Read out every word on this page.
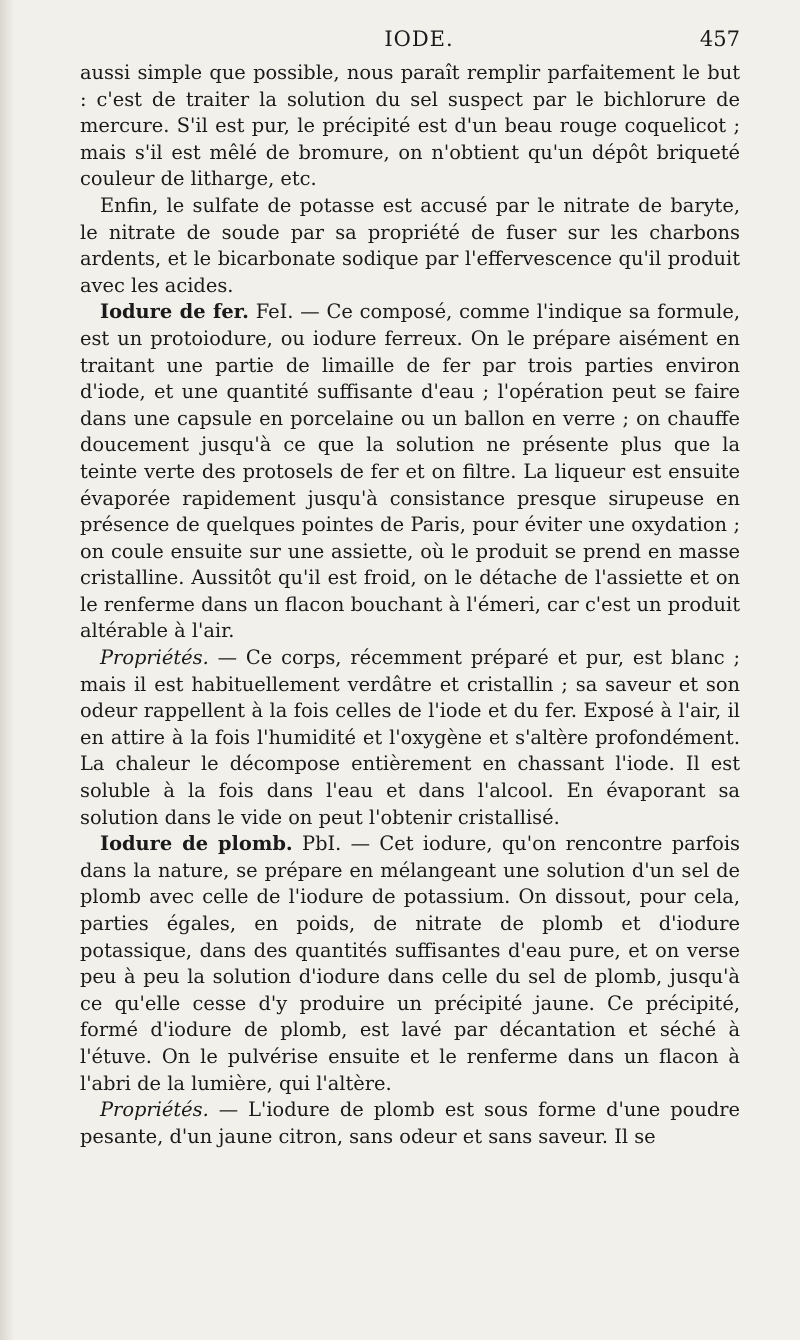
IODE.	457

aussi simple que possible, nous paraît remplir parfaitement le but : c'est de traiter la solution du sel suspect par le bichlorure de mercure. S'il est pur, le précipité est d'un beau rouge coquelicot ; mais s'il est mêlé de bromure, on n'obtient qu'un dépôt briqueté couleur de litharge, etc.

Enfin, le sulfate de potasse est accusé par le nitrate de baryte, le nitrate de soude par sa propriété de fuser sur les charbons ardents, et le bicarbonate sodique par l'effervescence qu'il produit avec les acides.

Iodure de fer. FeI. — Ce composé, comme l'indique sa formule, est un protoiodure, ou iodure ferreux. On le prépare aisément en traitant une partie de limaille de fer par trois parties environ d'iode, et une quantité suffisante d'eau ; l'opération peut se faire dans une capsule en porcelaine ou un ballon en verre ; on chauffe doucement jusqu'à ce que la solution ne présente plus que la teinte verte des protosels de fer et on filtre. La liqueur est ensuite évaporée rapidement jusqu'à consistance presque sirupeuse en présence de quelques pointes de Paris, pour éviter une oxydation ; on coule ensuite sur une assiette, où le produit se prend en masse cristalline. Aussitôt qu'il est froid, on le détache de l'assiette et on le renferme dans un flacon bouchant à l'émeri, car c'est un produit altérable à l'air.

Propriétés. — Ce corps, récemment préparé et pur, est blanc ; mais il est habituellement verdâtre et cristallin ; sa saveur et son odeur rappellent à la fois celles de l'iode et du fer. Exposé à l'air, il en attire à la fois l'humidité et l'oxygène et s'altère profondément. La chaleur le décompose entièrement en chassant l'iode. Il est soluble à la fois dans l'eau et dans l'alcool. En évaporant sa solution dans le vide on peut l'obtenir cristallisé.

Iodure de plomb. PbI. — Cet iodure, qu'on rencontre parfois dans la nature, se prépare en mélangeant une solution d'un sel de plomb avec celle de l'iodure de potassium. On dissout, pour cela, parties égales, en poids, de nitrate de plomb et d'iodure potassique, dans des quantités suffisantes d'eau pure, et on verse peu à peu la solution d'iodure dans celle du sel de plomb, jusqu'à ce qu'elle cesse d'y produire un précipité jaune. Ce précipité, formé d'iodure de plomb, est lavé par décantation et séché à l'étuve. On le pulvérise ensuite et le renferme dans un flacon à l'abri de la lumière, qui l'altère.

Propriétés. — L'iodure de plomb est sous forme d'une poudre pesante, d'un jaune citron, sans odeur et sans saveur. Il se
